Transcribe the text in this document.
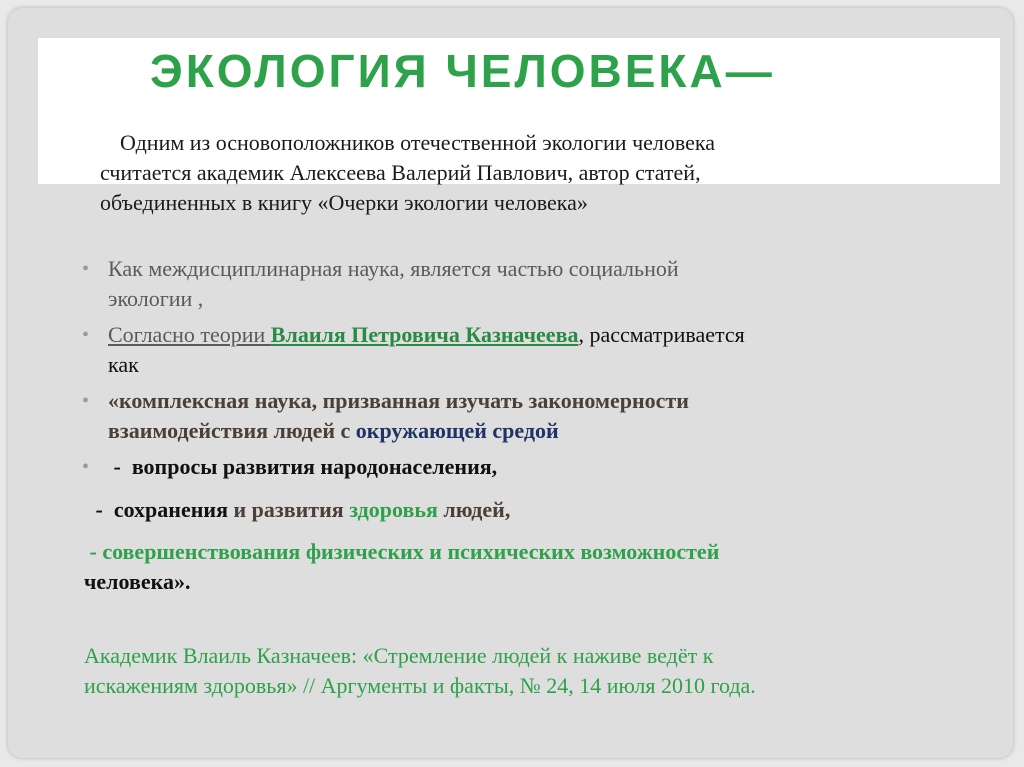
ЭКОЛОГИЯ ЧЕЛОВЕКА—

Одним из основоположников отечественной экологии человека
считается академик Алексеева Валерий Павлович, автор статей,
объединенных в книгу «Очерки экологии человека»

• Как междисциплинарная наука, является частью социальной
экологии ,
• Согласно теории Влаиля Петровича Казначеева, рассматривается
как
• «комплексная наука, призванная изучать закономерности
взаимодействия людей с окружающей средой
• -  вопросы развития народонаселения,
-  сохранения и развития здоровья людей,
- совершенствования физических и психических возможностей
человека».

Академик Влаиль Казначеев: «Стремление людей к наживе ведёт к
искажениям здоровья» // Аргументы и факты, № 24, 14 июля 2010 года.
